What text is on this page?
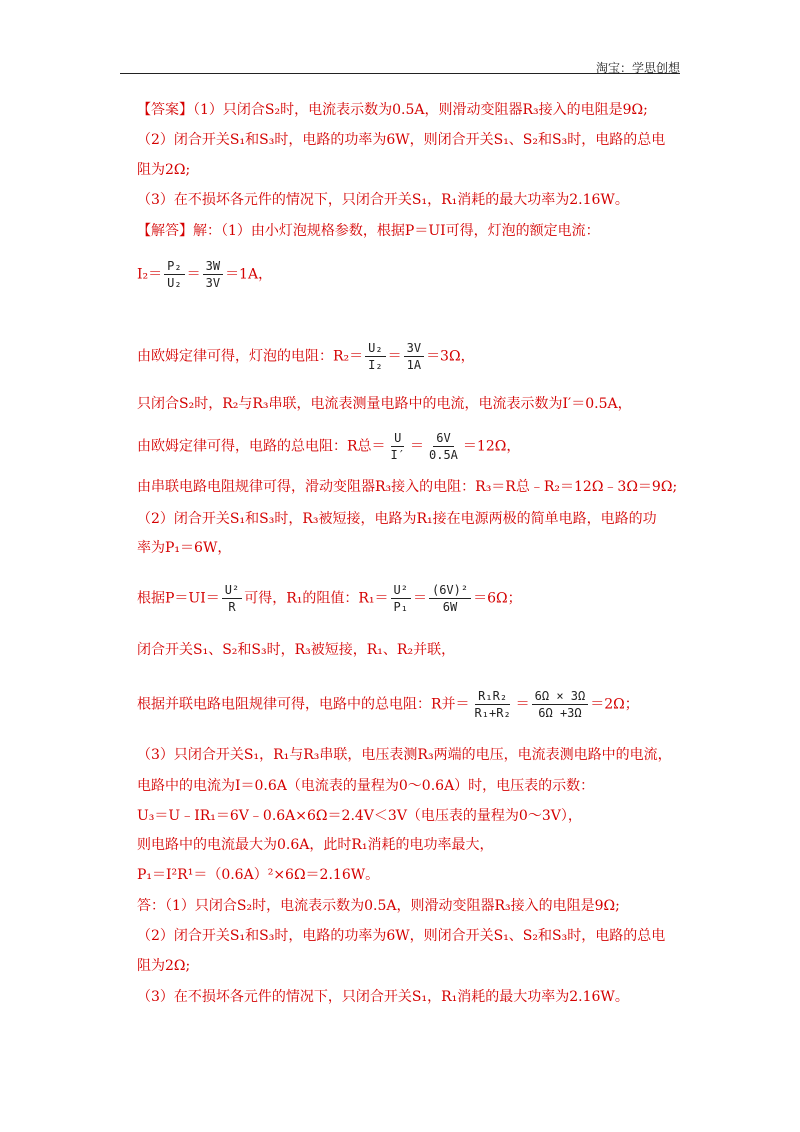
淘宝：学思创想
【答案】（1）只闭合S₂时，电流表示数为0.5A，则滑动变阻器R₃接入的电阻是9Ω;
（2）闭合开关S₁和S₃时，电路的功率为6W，则闭合开关S₁、S₂和S₃时，电路的总电
阻为2Ω;
（3）在不损坏各元件的情况下，只闭合开关S₁，R₁消耗的最大功率为2.16W。
【解答】解：（1）由小灯泡规格参数，根据P＝UI可得，灯泡的额定电流：
$I_2= \frac{\text{P₂}}{\text{U₂}} = \frac{3W}{3V} =1A$，
由欧姆定律可得，灯泡的电阻：$R_2= \frac{\text{U₂}}{\text{I₂}} = \frac{3V}{1A} =3\Omega$，
只闭合S₂时，R₂与R₃串联，电流表测量电路中的电流，电流表示数为I′＝0.5A，
由欧姆定律可得，电路的总电阻：R总＝ $\frac{U}{I'} = \frac{6V}{0.5A} =12\Omega$，
由串联电路电阻规律可得，滑动变阻器R₃接入的电阻：R₃＝R总﹣R₂＝12Ω﹣3Ω＝9Ω;
（2）闭合开关S₁和S₃时，R₃被短接，电路为R₁接在电源两极的简单电路，电路的功
率为P₁＝6W，
根据$P=UI= \frac{\text{U²}}{R}$ 可得，R₁的阻值：$R_1= \frac{\text{U²}}{\text{P₁}} = \frac{\text{(6V)²}}{6W} =6\Omega$；
闭合开关S₁、S₂和S₃时，R₃被短接，R₁、R₂并联，
根据并联电路电阻规律可得，电路中的总电阻：R并＝ $\frac{\text{R₁R₂}}{\text{R₁+R₂}} = \frac{6\Omega \times 3\Omega}{6\Omega +3\Omega} =2\Omega$；
（3）只闭合开关S₁，R₁与R₃串联，电压表测R₃两端的电压，电流表测电路中的电流，
电路中的电流为I＝0.6A（电流表的量程为0～0.6A）时，电压表的示数：
U₃＝U﹣IR₁＝6V﹣0.6A×6Ω＝2.4V＜3V（电压表的量程为0～3V），
则电路中的电流最大为0.6A，此时R₁消耗的电功率最大，
P₁＝I²R¹＝（0.6A）²×6Ω＝2.16W。
答：（1）只闭合S₂时，电流表示数为0.5A，则滑动变阻器R₃接入的电阻是9Ω;
（2）闭合开关S₁和S₃时，电路的功率为6W，则闭合开关S₁、S₂和S₃时，电路的总电
阻为2Ω;
（3）在不损坏各元件的情况下，只闭合开关S₁，R₁消耗的最大功率为2.16W。
